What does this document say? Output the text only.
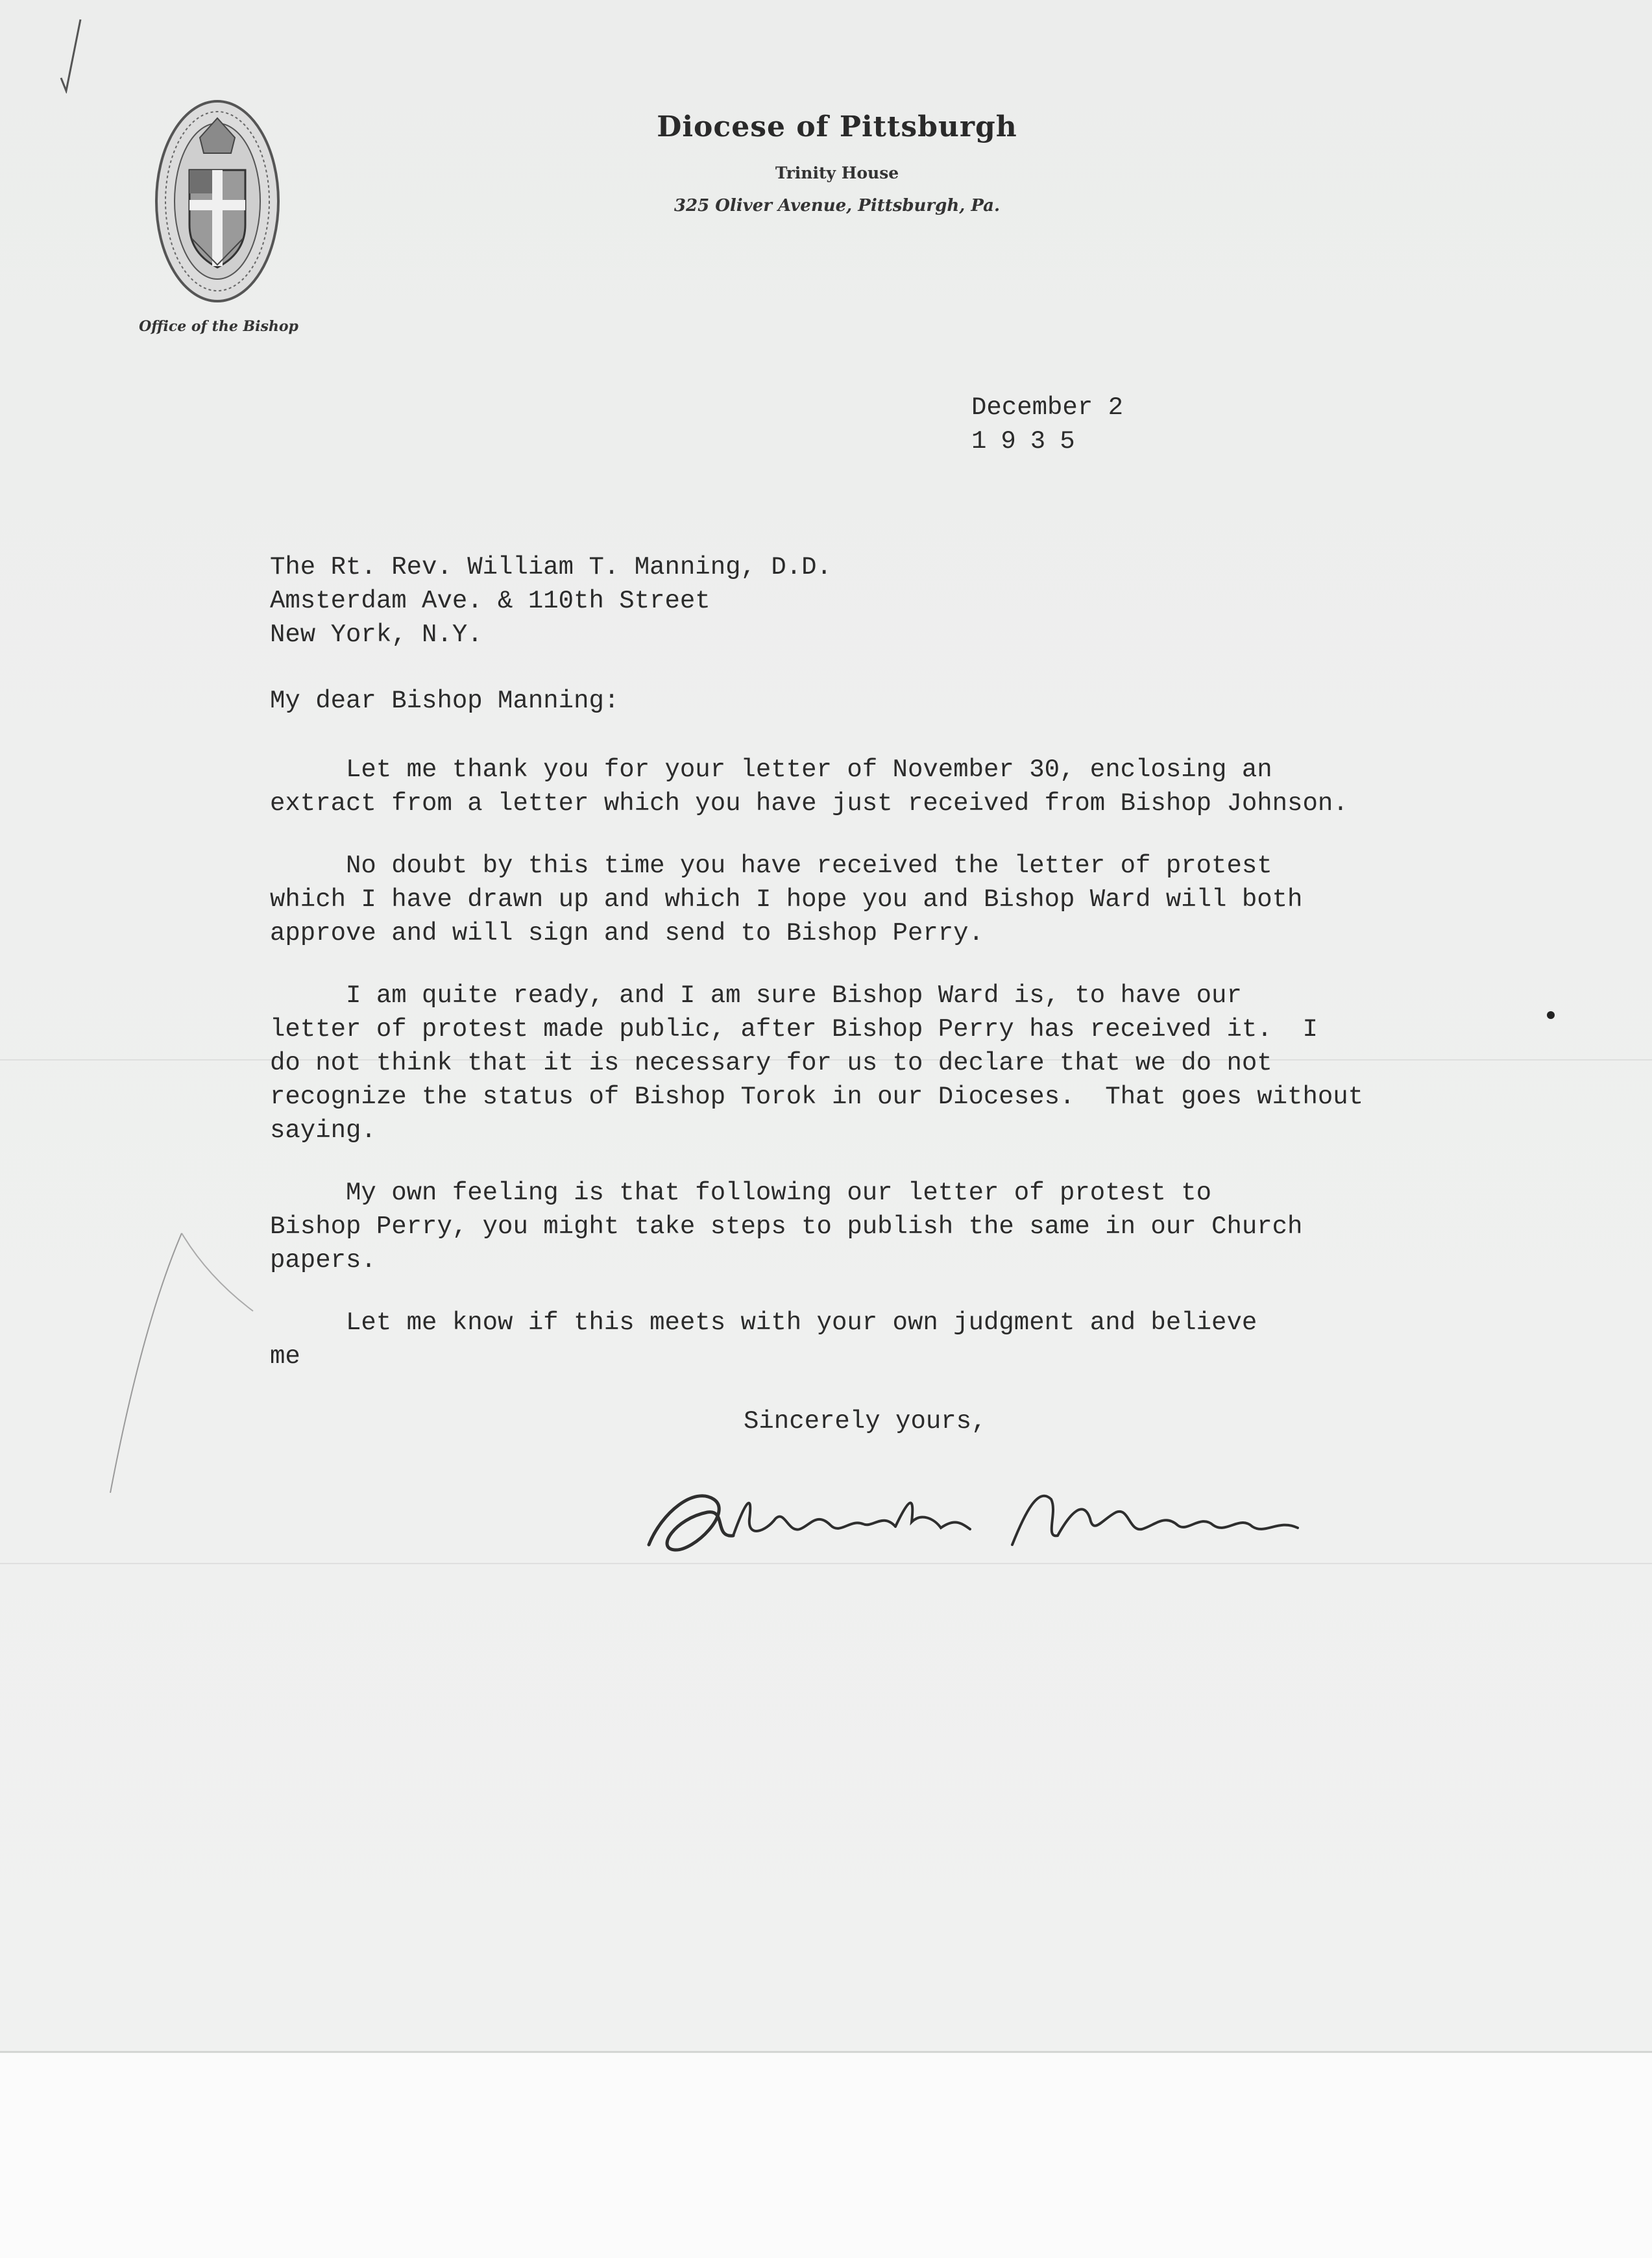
Office of the Bishop
Diocese of Pittsburgh
Trinity House
325 Oliver Avenue, Pittsburgh, Pa.
December 2
1935
The Rt. Rev. William T. Manning, D.D.
Amsterdam Ave. & 110th Street
New York, N.Y.
My dear Bishop Manning:

Let me thank you for your letter of November 30, enclosing an
extract from a letter which you have just received from Bishop Johnson.

No doubt by this time you have received the letter of protest
which I have drawn up and which I hope you and Bishop Ward will both
approve and will sign and send to Bishop Perry.

I am quite ready, and I am sure Bishop Ward is, to have our
letter of protest made public, after Bishop Perry has received it.  I
do not think that it is necessary for us to declare that we do not
recognize the status of Bishop Torok in our Dioceses.  That goes without
saying.

My own feeling is that following our letter of protest to
Bishop Perry, you might take steps to publish the same in our Church
papers.

Let me know if this meets with your own judgment and believe
me

Sincerely yours,
